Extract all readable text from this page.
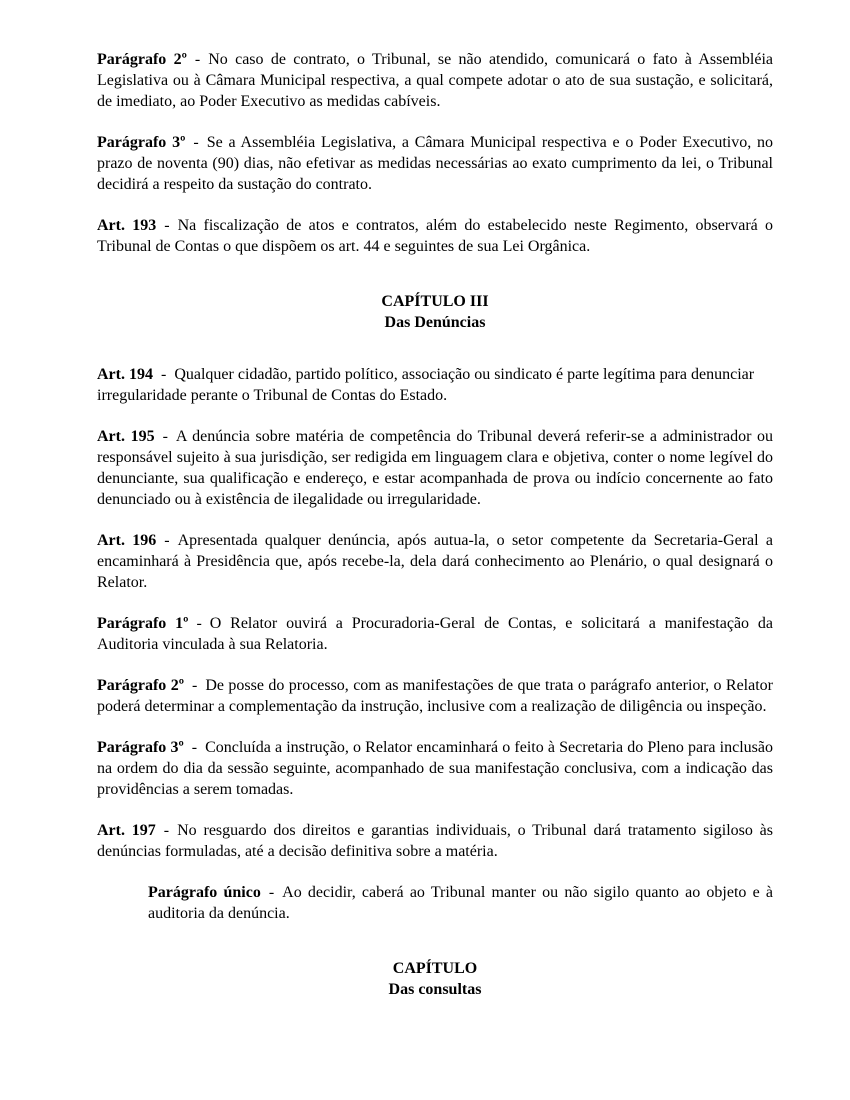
Parágrafo 2º - No caso de contrato, o Tribunal, se não atendido, comunicará o fato à Assembléia Legislativa ou à Câmara Municipal respectiva, a qual compete adotar o ato de sua sustação, e solicitará, de imediato, ao Poder Executivo as medidas cabíveis.

Parágrafo 3º - Se a Assembléia Legislativa, a Câmara Municipal respectiva e o Poder Executivo, no prazo de noventa (90) dias, não efetivar as medidas necessárias ao exato cumprimento da lei, o Tribunal decidirá a respeito da sustação do contrato.

Art. 193 - Na fiscalização de atos e contratos, além do estabelecido neste Regimento, observará o Tribunal de Contas o que dispõem os art. 44 e seguintes de sua Lei Orgânica.

CAPÍTULO III
Das Denúncias

Art. 194 - Qualquer cidadão, partido político, associação ou sindicato é parte legítima para denunciar irregularidade perante o Tribunal de Contas do Estado.

Art. 195 - A denúncia sobre matéria de competência do Tribunal deverá referir-se a administrador ou responsável sujeito à sua jurisdição, ser redigida em linguagem clara e objetiva, conter o nome legível do denunciante, sua qualificação e endereço, e estar acompanhada de prova ou indício concernente ao fato denunciado ou à existência de ilegalidade ou irregularidade.

Art. 196 - Apresentada qualquer denúncia, após autua-la, o setor competente da Secretaria-Geral a encaminhará à Presidência que, após recebe-la, dela dará conhecimento ao Plenário, o qual designará o Relator.

Parágrafo 1º - O Relator ouvirá a Procuradoria-Geral de Contas, e solicitará a manifestação da Auditoria vinculada à sua Relatoria.

Parágrafo 2º - De posse do processo, com as manifestações de que trata o parágrafo anterior, o Relator poderá determinar a complementação da instrução, inclusive com a realização de diligência ou inspeção.

Parágrafo 3º - Concluída a instrução, o Relator encaminhará o feito à Secretaria do Pleno para inclusão na ordem do dia da sessão seguinte, acompanhado de sua manifestação conclusiva, com a indicação das providências a serem tomadas.

Art. 197 - No resguardo dos direitos e garantias individuais, o Tribunal dará tratamento sigiloso às denúncias formuladas, até a decisão definitiva sobre a matéria.

Parágrafo único - Ao decidir, caberá ao Tribunal manter ou não sigilo quanto ao objeto e à auditoria da denúncia.

CAPÍTULO
Das consultas
